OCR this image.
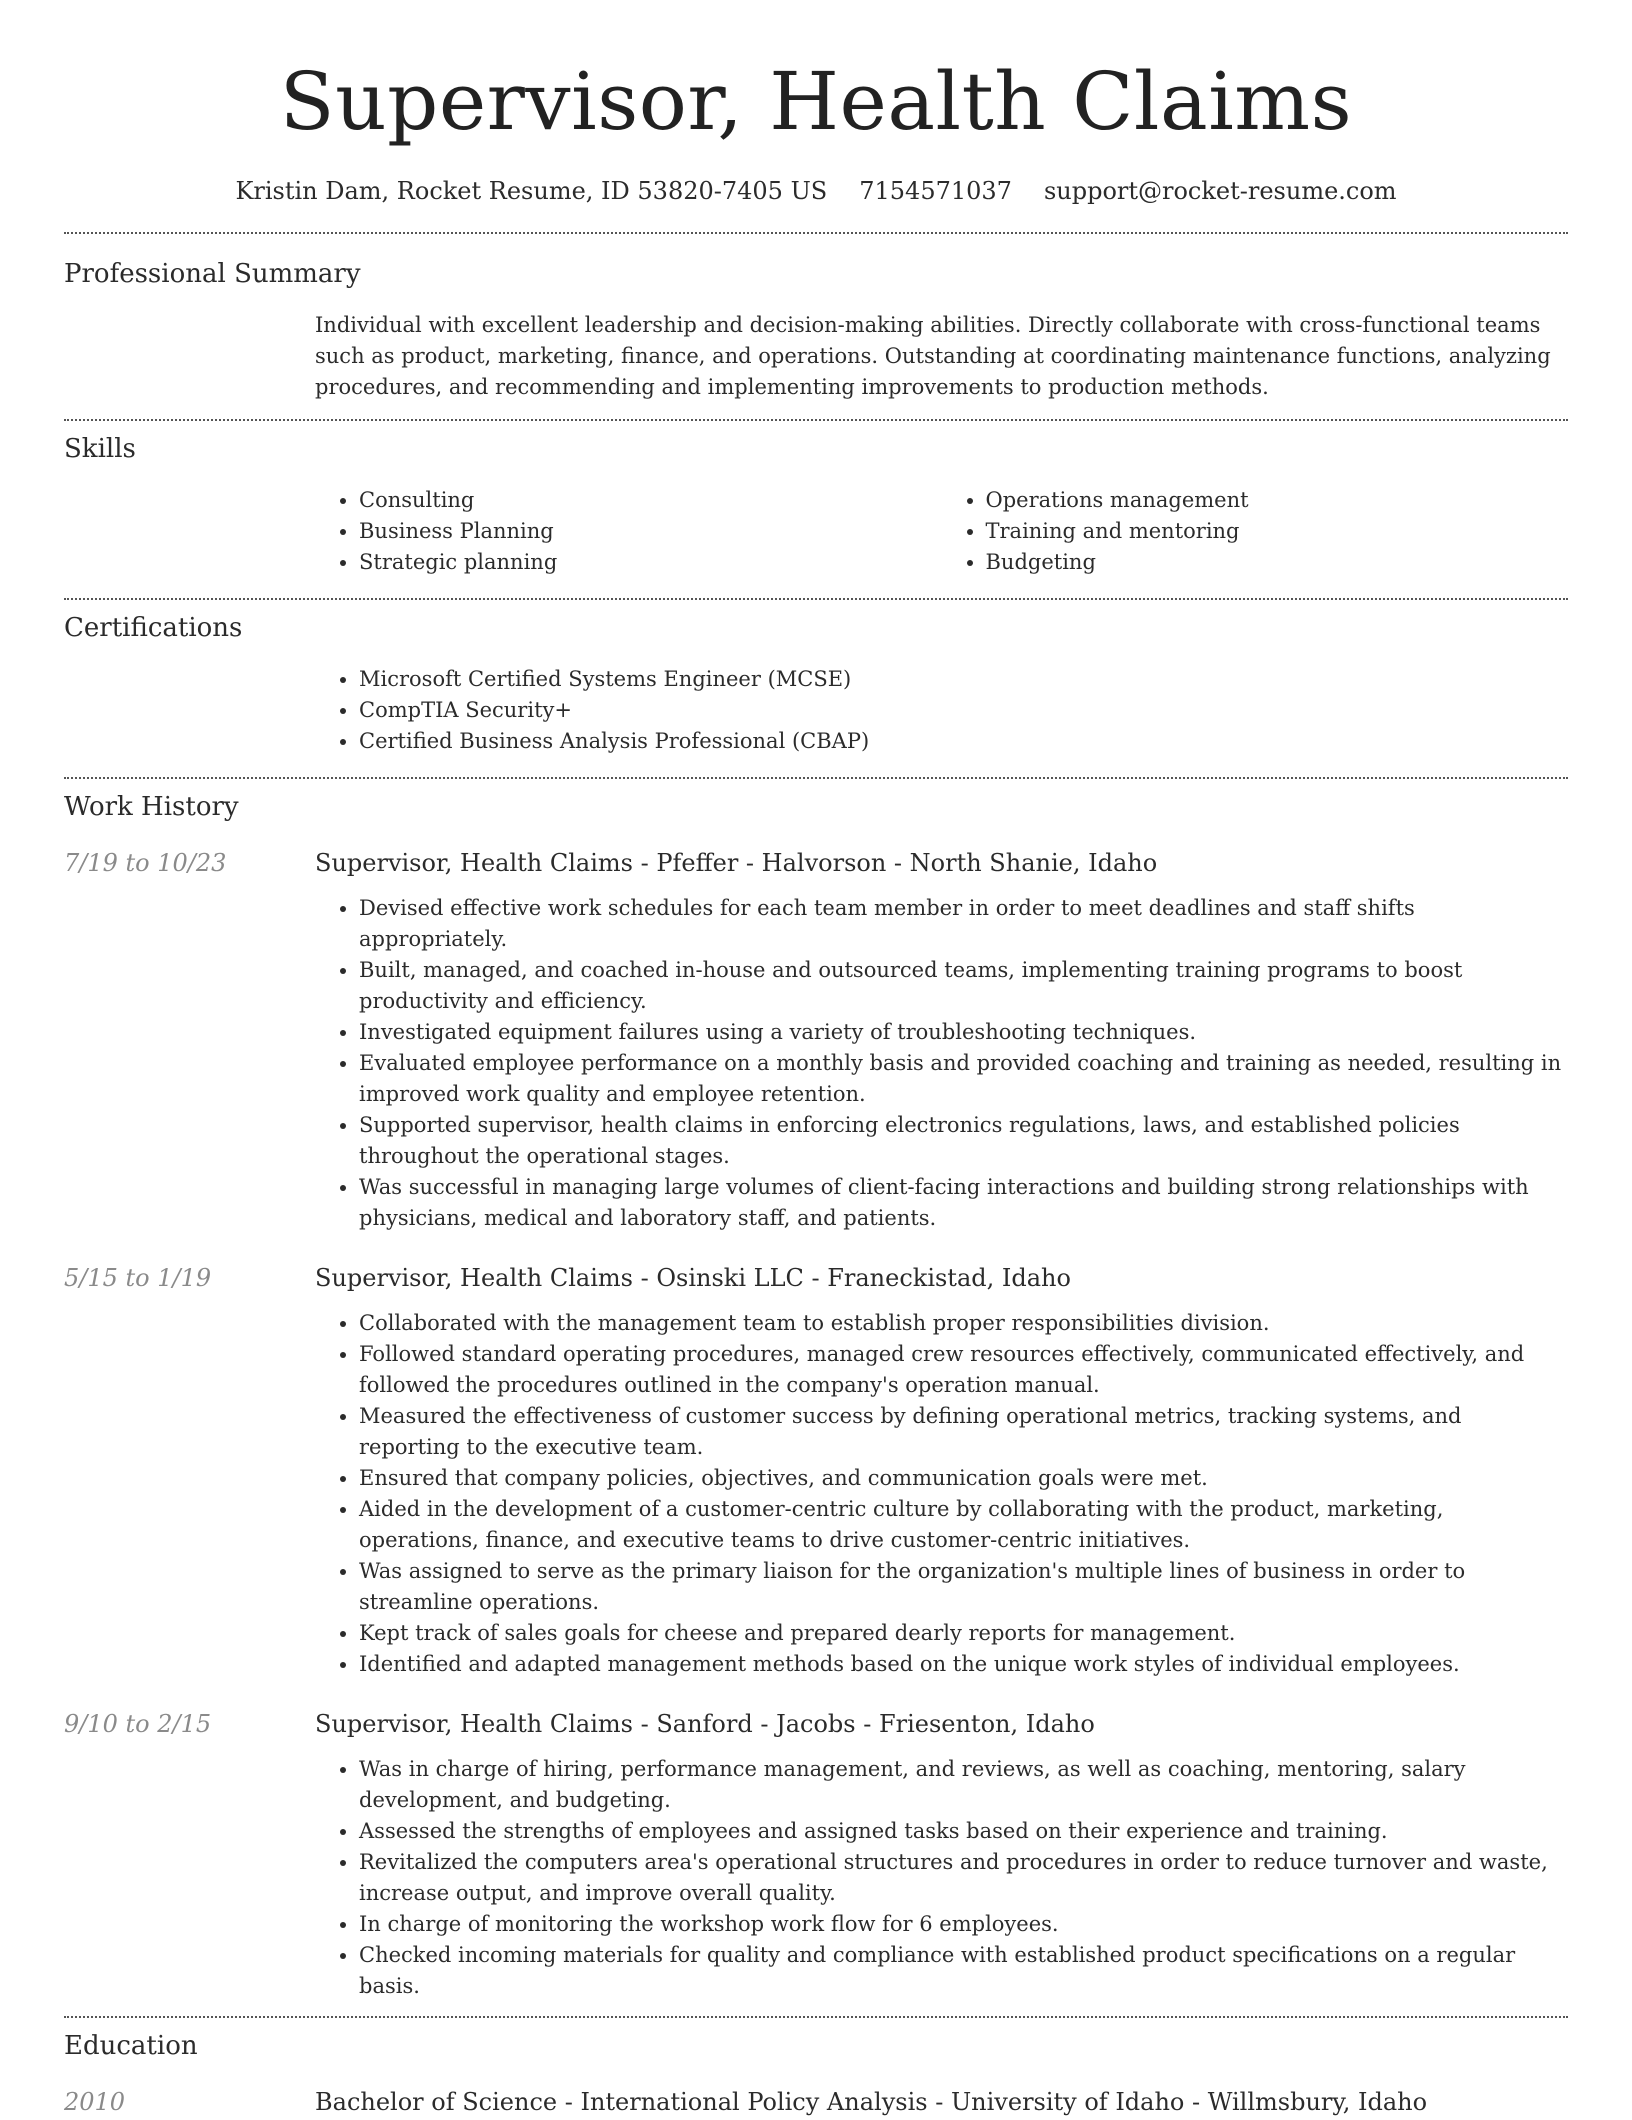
Supervisor, Health Claims
Kristin Dam, Rocket Resume, ID 53820-7405 US 7154571037 support@rocket-resume.com
Professional Summary

Individual with excellent leadership and decision-making abilities. Directly collaborate with cross-functional teams such as product, marketing, finance, and operations. Outstanding at coordinating maintenance functions, analyzing procedures, and recommending and implementing improvements to production methods.

Skills
• Consulting
• Business Planning
• Strategic planning
• Operations management
• Training and mentoring
• Budgeting
Certifications
• Microsoft Certified Systems Engineer (MCSE)
• CompTIA Security+
• Certified Business Analysis Professional (CBAP)
Work History
7/19 to 10/23	Supervisor, Health Claims - Pfeffer - Halvorson - North Shanie, Idaho
• Devised effective work schedules for each team member in order to meet deadlines and staff shifts appropriately.
• Built, managed, and coached in-house and outsourced teams, implementing training programs to boost productivity and efficiency.
• Investigated equipment failures using a variety of troubleshooting techniques.
• Evaluated employee performance on a monthly basis and provided coaching and training as needed, resulting in improved work quality and employee retention.
• Supported supervisor, health claims in enforcing electronics regulations, laws, and established policies throughout the operational stages.
• Was successful in managing large volumes of client-facing interactions and building strong relationships with physicians, medical and laboratory staff, and patients.
5/15 to 1/19	Supervisor, Health Claims - Osinski LLC - Franeckistad, Idaho
• Collaborated with the management team to establish proper responsibilities division.
• Followed standard operating procedures, managed crew resources effectively, communicated effectively, and followed the procedures outlined in the company's operation manual.
• Measured the effectiveness of customer success by defining operational metrics, tracking systems, and reporting to the executive team.
• Ensured that company policies, objectives, and communication goals were met.
• Aided in the development of a customer-centric culture by collaborating with the product, marketing, operations, finance, and executive teams to drive customer-centric initiatives.
• Was assigned to serve as the primary liaison for the organization's multiple lines of business in order to streamline operations.
• Kept track of sales goals for cheese and prepared dearly reports for management.
• Identified and adapted management methods based on the unique work styles of individual employees.
9/10 to 2/15	Supervisor, Health Claims - Sanford - Jacobs - Friesenton, Idaho
• Was in charge of hiring, performance management, and reviews, as well as coaching, mentoring, salary development, and budgeting.
• Assessed the strengths of employees and assigned tasks based on their experience and training.
• Revitalized the computers area's operational structures and procedures in order to reduce turnover and waste, increase output, and improve overall quality.
• In charge of monitoring the workshop work flow for 6 employees.
• Checked incoming materials for quality and compliance with established product specifications on a regular basis.
Education
2010	Bachelor of Science - International Policy Analysis - University of Idaho - Willmsbury, Idaho
